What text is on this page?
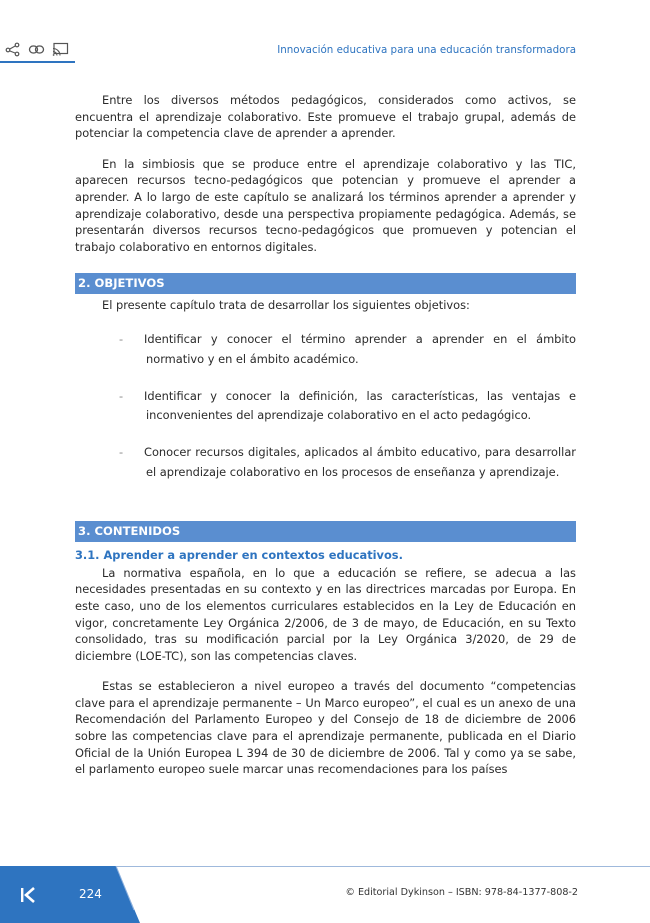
Innovación educativa para una educación transformadora

Entre los diversos métodos pedagógicos, considerados como activos, se encuentra el aprendizaje colaborativo. Este promueve el trabajo grupal, además de potenciar la competencia clave de aprender a aprender.

En la simbiosis que se produce entre el aprendizaje colaborativo y las TIC, aparecen recursos tecno-pedagógicos que potencian y promueve el aprender a aprender. A lo largo de este capítulo se analizará los términos aprender a aprender y aprendizaje colaborativo, desde una perspectiva propiamente pedagógica. Además, se presentarán diversos recursos tecno-pedagógicos que promueven y potencian el trabajo colaborativo en entornos digitales.

2. OBJETIVOS

El presente capítulo trata de desarrollar los siguientes objetivos:

- Identificar y conocer el término aprender a aprender en el ámbito normativo y en el ámbito académico.
- Identificar y conocer la definición, las características, las ventajas e inconvenientes del aprendizaje colaborativo en el acto pedagógico.
- Conocer recursos digitales, aplicados al ámbito educativo, para desarrollar el aprendizaje colaborativo en los procesos de enseñanza y aprendizaje.
3. CONTENIDOS
3.1. Aprender a aprender en contextos educativos.

La normativa española, en lo que a educación se refiere, se adecua a las necesidades presentadas en su contexto y en las directrices marcadas por Europa. En este caso, uno de los elementos curriculares establecidos en la Ley de Educación en vigor, concretamente Ley Orgánica 2/2006, de 3 de mayo, de Educación, en su Texto consolidado, tras su modificación parcial por la Ley Orgánica 3/2020, de 29 de diciembre (LOE-TC), son las competencias claves.

Estas se establecieron a nivel europeo a través del documento “competencias clave para el aprendizaje permanente – Un Marco europeo”, el cual es un anexo de una Recomendación del Parlamento Europeo y del Consejo de 18 de diciembre de 2006 sobre las competencias clave para el aprendizaje permanente, publicada en el Diario Oficial de la Unión Europea L 394 de 30 de diciembre de 2006. Tal y como ya se sabe, el parlamento europeo suele marcar unas recomendaciones para los países

224	© Editorial Dykinson – ISBN: 978-84-1377-808-2
